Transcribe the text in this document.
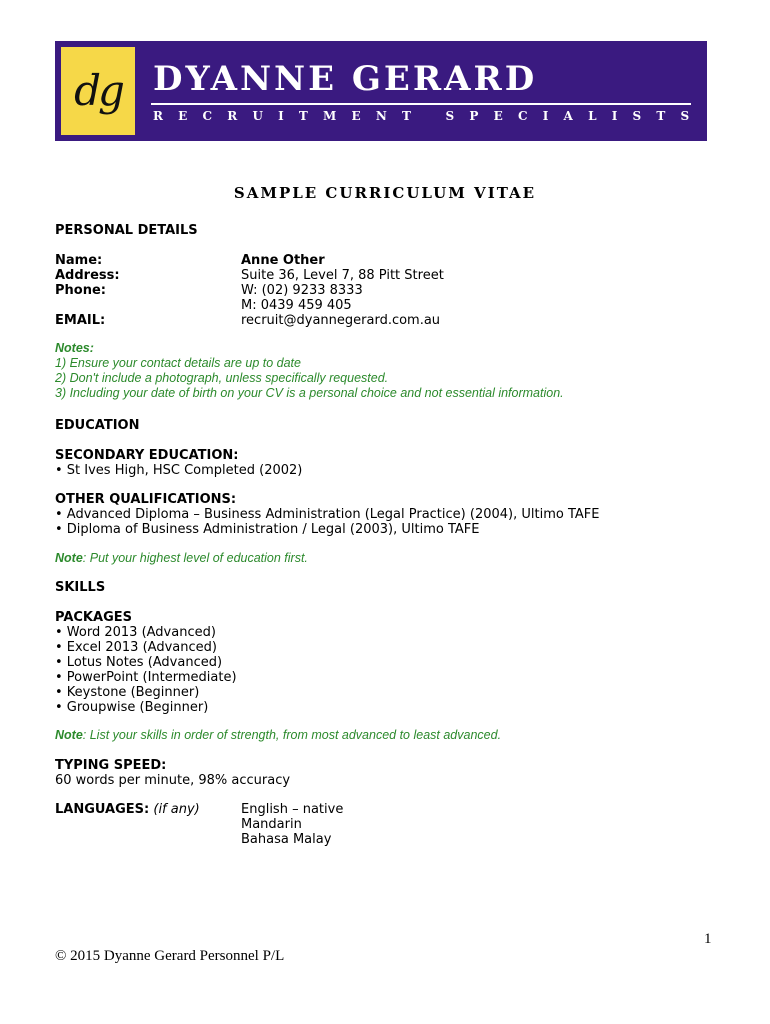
dg DYANNE GERARD
RECRUITMENT SPECIALISTS
SAMPLE CURRICULUM VITAE
PERSONAL DETAILS
Name:
Address:
Phone:
EMAIL:
Anne Other
Suite 36, Level 7, 88 Pitt Street
W: (02) 9233 8333
M: 0439 459 405
recruit@dyannegerard.com.au
Notes:
1) Ensure your contact details are up to date
2) Don't include a photograph, unless specifically requested.
3) Including your date of birth on your CV is a personal choice and not essential information.
EDUCATION
SECONDARY EDUCATION:
• St Ives High, HSC Completed (2002)
OTHER QUALIFICATIONS:
• Advanced Diploma – Business Administration (Legal Practice) (2004), Ultimo TAFE
• Diploma of Business Administration / Legal (2003), Ultimo TAFE
Note: Put your highest level of education first.
SKILLS
PACKAGES
• Word 2013 (Advanced)
• Excel 2013 (Advanced)
• Lotus Notes (Advanced)
• PowerPoint (Intermediate)
• Keystone (Beginner)
• Groupwise (Beginner)
Note: List your skills in order of strength, from most advanced to least advanced.
TYPING SPEED:
60 words per minute, 98% accuracy
LANGUAGES: (if any)	English – native
Mandarin
Bahasa Malay
1
© 2015 Dyanne Gerard Personnel P/L
